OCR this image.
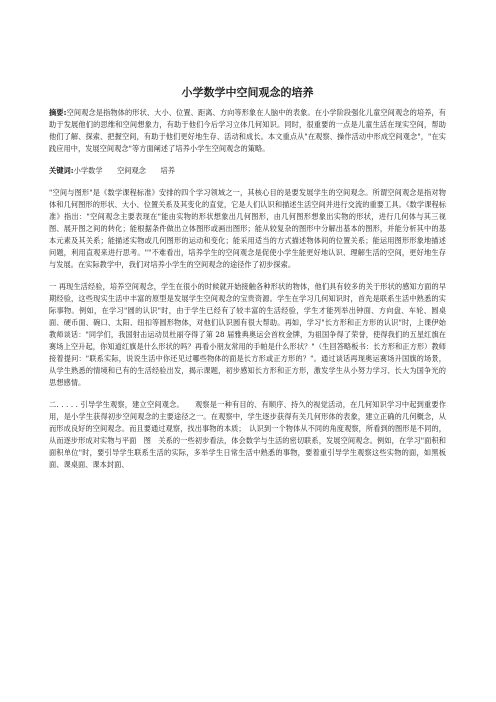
小学数学中空间观念的培养

摘要:空间观念是指物体的形状、大小、位置、距离、方向等形象在人脑中的表象。在小学阶段强化儿童空间观念的培养，有助于发展他们的思维和空间想象力，有助于他们今后学习立体几何知识。同时，很重要的一点是儿童生活在现实空间，帮助他们了解、探索、把握空间，有助于他们更好地生存、活动和成长。本文重点从"在观察、操作活动中形成空间观念"，"在实践应用中，发展空间观念"等方面阐述了培养小学生空间观念的策略。

关键词:小学数学　　空间观念　　培养

"空间与图形"是《数学课程标准》安排的四个学习领域之一，其核心目的是要发展学生的空间观念。所谓空间观念是指对物体和几何图形的形状、大小、位置关系及其变化的直觉，它是人们认识和描述生活空间并进行交流的重要工具。《数学课程标准》指出："空间观念主要表现在"能由实物的形状想象出几何图形，由几何图形想象出实物的形状，进行几何体与其三视图、展开图之间的转化；能根据条件做出立体图形或画出图形；能从较复杂的图形中分解出基本的图形，并能分析其中的基本元素及其关系；能描述实物或几何图形的运动和变化；能采用适当的方式描述物体间的位置关系；能运用图形形象地描述问题，利用直观来进行思考。""不难看出，培养学生的空间观念是促使小学生能更好地认识、理解生活的空间，更好地生存与发展。在实际教学中，我们对培养小学生的空间观念的途径作了初步探索。

一 再现生活经验，培养空间观念，学生在很小的时候就开始接触各种形状的物体，他们具有较多的关于形状的感知方面的早期经验，这些现实生活中丰富的原型是发展学生空间观念的宝贵资源。学生在学习几何知识时，首先是联系生活中熟悉的实际事物。例如，在学习"圆的认识"时，由于学生已经有了较丰富的生活经验，学生才能列举出钟面、方向盘、车轮、圆桌面、硬币面、碗口、太阳、纽扣等圆形物体，对他们认识圆有很大帮助。再如，学习"长方形和正方形的认识"时，上课伊始教师谈话："同学们，我国射击运动员杜丽夺得了第 28 届雅典奥运会首枚金牌，为祖国争得了荣誉，使得我们的五星红旗在赛场上空升起，你知道红旗是什么形状的吗？再看小朋友常用的手帕是什么形状？"（生回答略板书：长方形和正方形）教师接着提问："联系实际，说说生活中你还见过哪些物体的面是长方形或正方形的？"。通过谈话再现奥运赛场升国旗的场景，从学生熟悉的情境和已有的生活经验出发，揭示课题，初步感知长方形和正方形，激发学生从小努力学习、长大为国争光的思想感情。

二. . . . . 引导学生观察，建立空间观念。　　观察是一种有目的、有顺序、持久的视觉活动，在几何知识学习中起到重要作用，是小学生获得初步空间观念的主要途径之一。在观察中，学生逐步获得有关几何形体的表象，建立正确的几何概念，从而形成良好的空间观念。而且要通过观察，找出事物的本质；　认识到一个物体从不同的角度观察，所看到的图形是不同的，从而逐步形成对实物与平面　图　关系的一些初步看法，体会数学与生活的密切联系，发展空间观念。例如，在学习"面积和面积单位"时，要引导学生联系生活的实际，多举学生日常生活中熟悉的事物，要着重引导学生观察这些实物的面，如黑板面、课桌面、课本封面、
